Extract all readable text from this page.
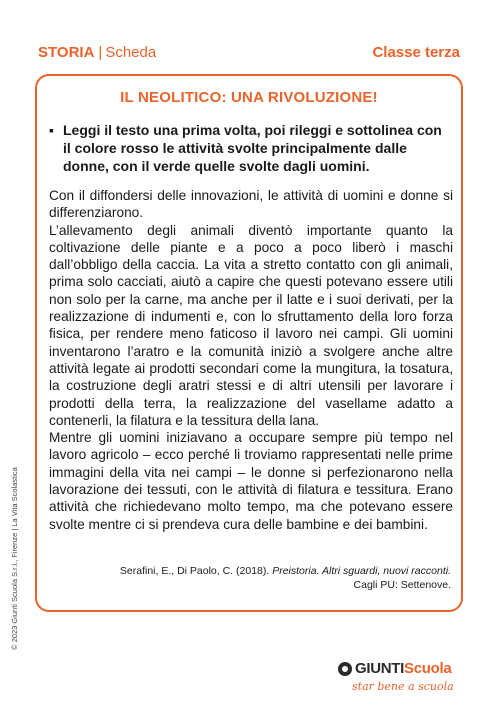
STORIA | Scheda	Classe terza
IL NEOLITICO: UNA RIVOLUZIONE!
▪ Leggi il testo una prima volta, poi rileggi e sottolinea con il colore rosso le attività svolte principalmente dalle donne, con il verde quelle svolte dagli uomini.

Con il diffondersi delle innovazioni, le attività di uomini e donne si differenziarono.

L’allevamento degli animali diventò importante quanto la coltivazione delle piante e a poco a poco liberò i maschi dall’obbligo della caccia. La vita a stretto contatto con gli animali, prima solo cacciati, aiutò a capire che questi potevano essere utili non solo per la carne, ma anche per il latte e i suoi derivati, per la realizzazione di indumenti e, con lo sfruttamento della loro forza fisica, per rendere meno faticoso il lavoro nei campi. Gli uomini inventarono l’aratro e la comunità iniziò a svolgere anche altre attività legate ai prodotti secondari come la mungitura, la tosatura, la costruzione degli aratri stessi e di altri utensili per lavorare i prodotti della terra, la realizzazione del vasellame adatto a contenerli, la filatura e la tessitura della lana.

Mentre gli uomini iniziavano a occupare sempre più tempo nel lavoro agricolo – ecco perché li troviamo rappresentati nelle prime immagini della vita nei campi – le donne si perfezionarono nella lavorazione dei tessuti, con le attività di filatura e tessitura. Erano attività che richiedevano molto tempo, ma che potevano essere svolte mentre ci si prendeva cura delle bambine e dei bambini.

Serafini, E., Di Paolo, C. (2018). Preistoria. Altri sguardi, nuovi racconti.
Cagli PU: Settenove.
© 2023 Giunti Scuola S.r.l., Firenze | La Vita Scolastica
GIUNTIScuola
star bene a scuola
